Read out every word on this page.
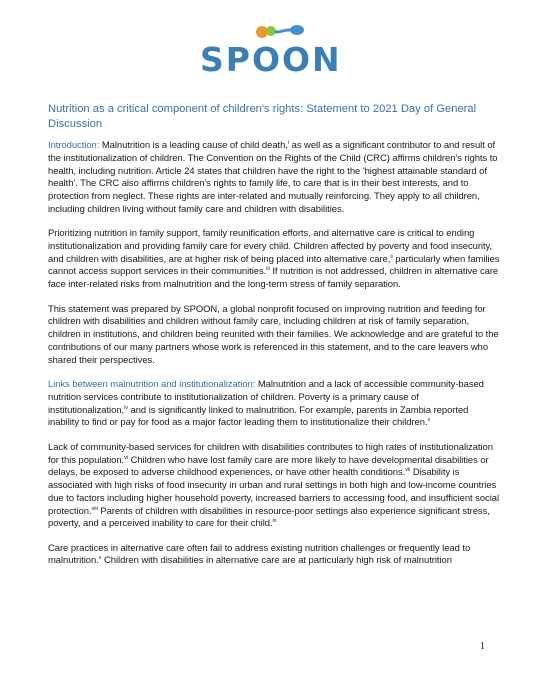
SPOON
Nutrition as a critical component of children's rights: Statement to 2021 Day of General Discussion

Introduction: Malnutrition is a leading cause of child death,$^i$ as well as a significant contributor to and result of the institutionalization of children. The Convention on the Rights of the Child (CRC) affirms children's rights to health, including nutrition. Article 24 states that children have the right to the 'highest attainable standard of health'. The CRC also affirms children's rights to family life, to care that is in their best interests, and to protection from neglect. These rights are inter-related and mutually reinforcing. They apply to all children, including children living without family care and children with disabilities.

Prioritizing nutrition in family support, family reunification efforts, and alternative care is critical to ending institutionalization and providing family care for every child. Children affected by poverty and food insecurity, and children with disabilities, are at higher risk of being placed into alternative care,$^{ii}$ particularly when families cannot access support services in their communities.$^{iii}$ If nutrition is not addressed, children in alternative care face inter-related risks from malnutrition and the long-term stress of family separation.

This statement was prepared by SPOON, a global nonprofit focused on improving nutrition and feeding for children with disabilities and children without family care, including children at risk of family separation, children in institutions, and children being reunited with their families. We acknowledge and are grateful to the contributions of our many partners whose work is referenced in this statement, and to the care leavers who shared their perspectives.

Links between malnutrition and institutionalization: Malnutrition and a lack of accessible community-based nutrition services contribute to institutionalization of children. Poverty is a primary cause of institutionalization,$^{iv}$ and is significantly linked to malnutrition. For example, parents in Zambia reported inability to find or pay for food as a major factor leading them to institutionalize their children.$^v$

Lack of community-based services for children with disabilities contributes to high rates of institutionalization for this population.$^{vi}$ Children who have lost family care are more likely to have developmental disabilities or delays, be exposed to adverse childhood experiences, or have other health conditions.$^{vii}$ Disability is associated with high risks of food insecurity in urban and rural settings in both high and low-income countries due to factors including higher household poverty, increased barriers to accessing food, and insufficient social protection.$^{viii}$ Parents of children with disabilities in resource-poor settings also experience significant stress, poverty, and a perceived inability to care for their child.$^{ix}$

Care practices in alternative care often fail to address existing nutrition challenges or frequently lead to malnutrition.$^x$ Children with disabilities in alternative care are at particularly high risk of malnutrition

1
